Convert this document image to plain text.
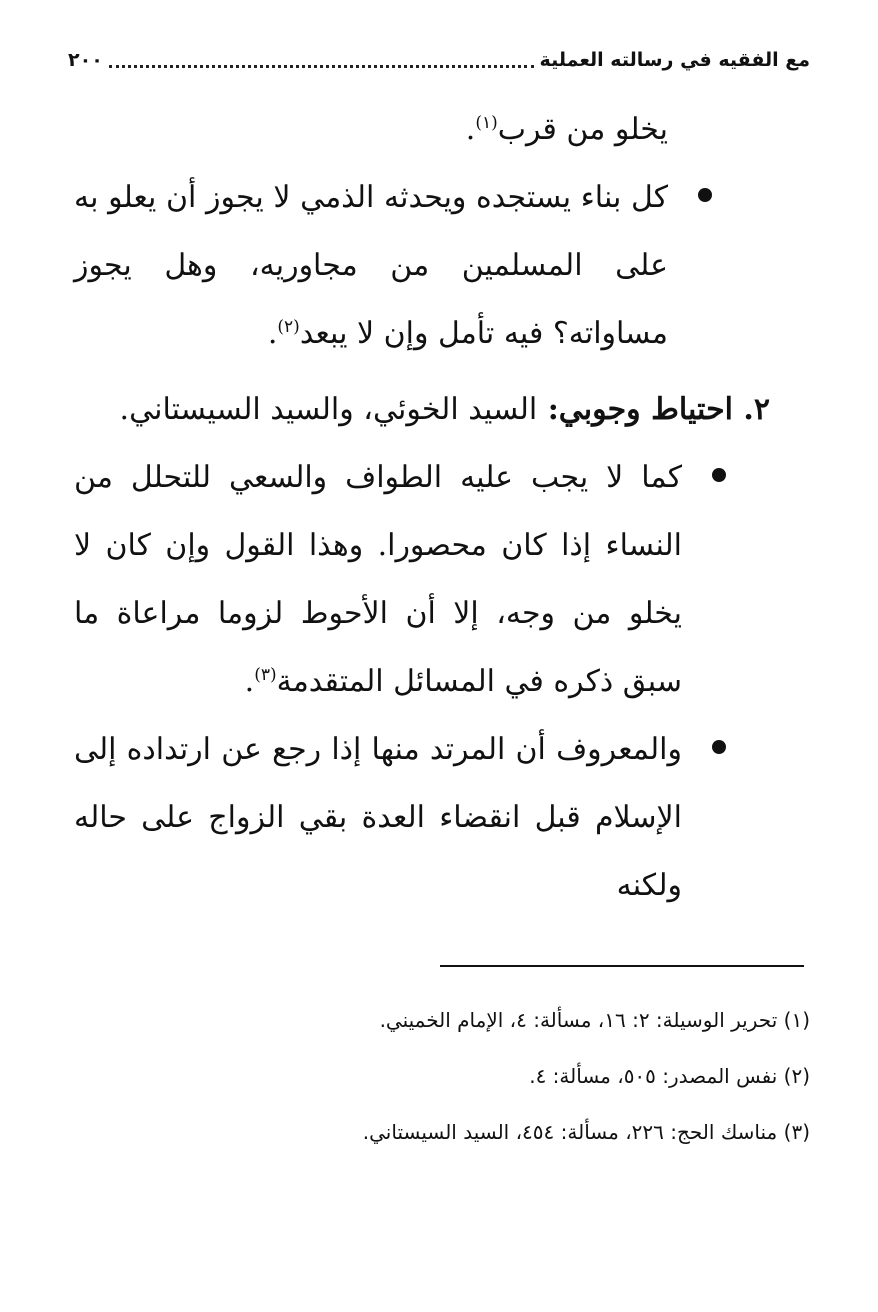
مع الفقيه في رسالته العملية
٢٠٠

يخلو من قرب$^{(١)}$.

كل بناء يستجده ويحدثه الذمي لا يجوز أن يعلو به على المسلمين من مجاوريه، وهل يجوز مساواته؟ فيه تأمل وإن لا يبعد$^{(٢)}$.

٢. احتياط وجوبي: السيد الخوئي، والسيد السيستاني.

كما لا يجب عليه الطواف والسعي للتحلل من النساء إذا كان محصورا. وهذا القول وإن كان لا يخلو من وجه، إلا أن الأحوط لزوما مراعاة ما سبق ذكره في المسائل المتقدمة$^{(٣)}$.

والمعروف أن المرتد منها إذا رجع عن ارتداده إلى الإسلام قبل انقضاء العدة بقي الزواج على حاله ولكنه

(١) تحرير الوسيلة: ٢: ١٦، مسألة: ٤، الإمام الخميني.

(٢) نفس المصدر: ٥٠٥، مسألة: ٤.

(٣) مناسك الحج: ٢٢٦، مسألة: ٤٥٤، السيد السيستاني.
